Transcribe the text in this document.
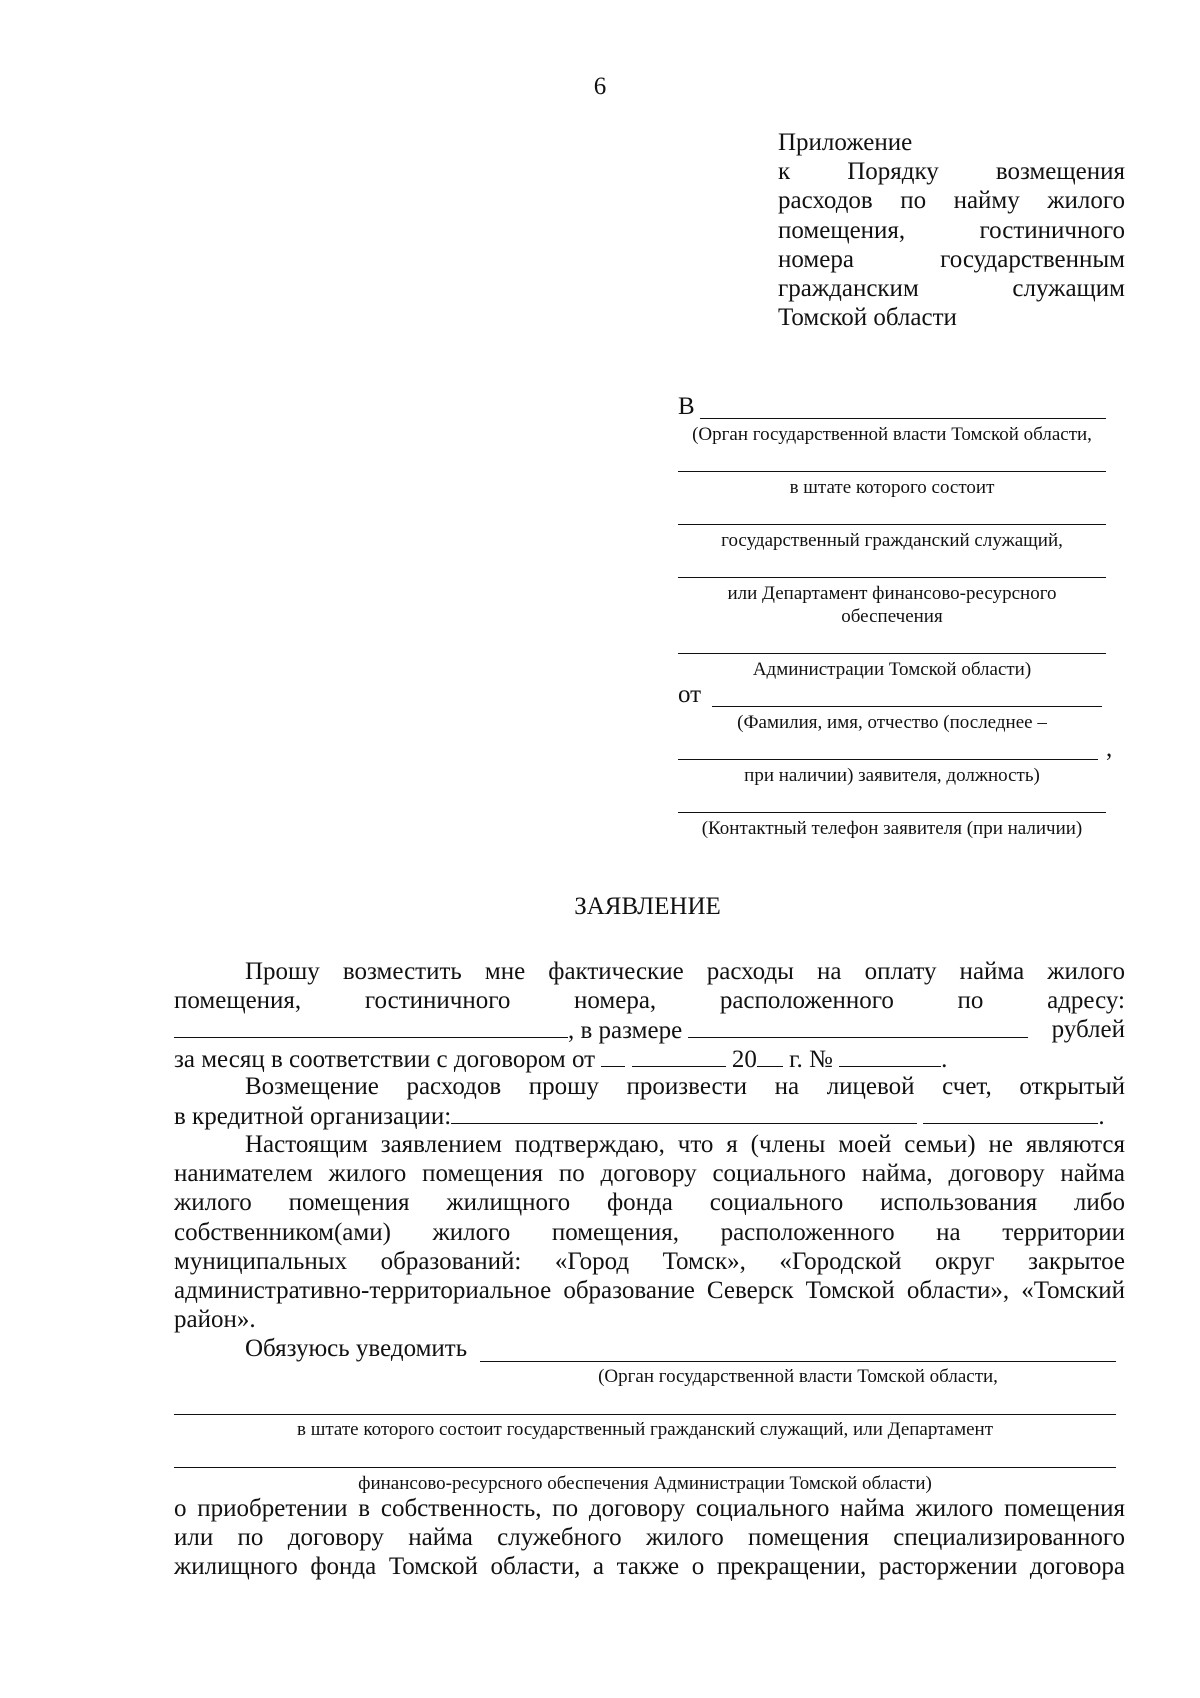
6
Приложение
к Порядку возмещения
расходов по найму жилого
помещения, гостиничного
номера государственным
гражданским служащим
Томской области
В
(Орган государственной власти Томской области,
в штате которого состоит
государственный гражданский служащий,
или Департамент финансово-ресурсного
обеспечения
Администрации Томской области)
от
(Фамилия, имя, отчество (последнее –
,
при наличии) заявителя, должность)
(Контактный телефон заявителя (при наличии)
ЗАЯВЛЕНИЕ
Прошу возместить мне фактические расходы на оплату найма жилого
помещения, гостиничного номера, расположенного по адресу:
, в размере	рублей
за месяц в соответствии с договором от	20 г. №	.
Возмещение расходов прошу произвести на лицевой счет, открытый
в кредитной организации:	.
Настоящим заявлением подтверждаю, что я (члены моей семьи) не являются
нанимателем жилого помещения по договору социального найма, договору найма
жилого помещения жилищного фонда социального использования либо
собственником(ами) жилого помещения, расположенного на территории
муниципальных образований: «Город Томск», «Городской округ закрытое
административно-территориальное образование Северск Томской области», «Томский
район».
Обязуюсь уведомить
(Орган государственной власти Томской области,
в штате которого состоит государственный гражданский служащий, или Департамент
финансово-ресурсного обеспечения Администрации Томской области)
о приобретении в собственность, по договору социального найма жилого помещения
или по договору найма служебного жилого помещения специализированного
жилищного фонда Томской области, а также о прекращении, расторжении договора
